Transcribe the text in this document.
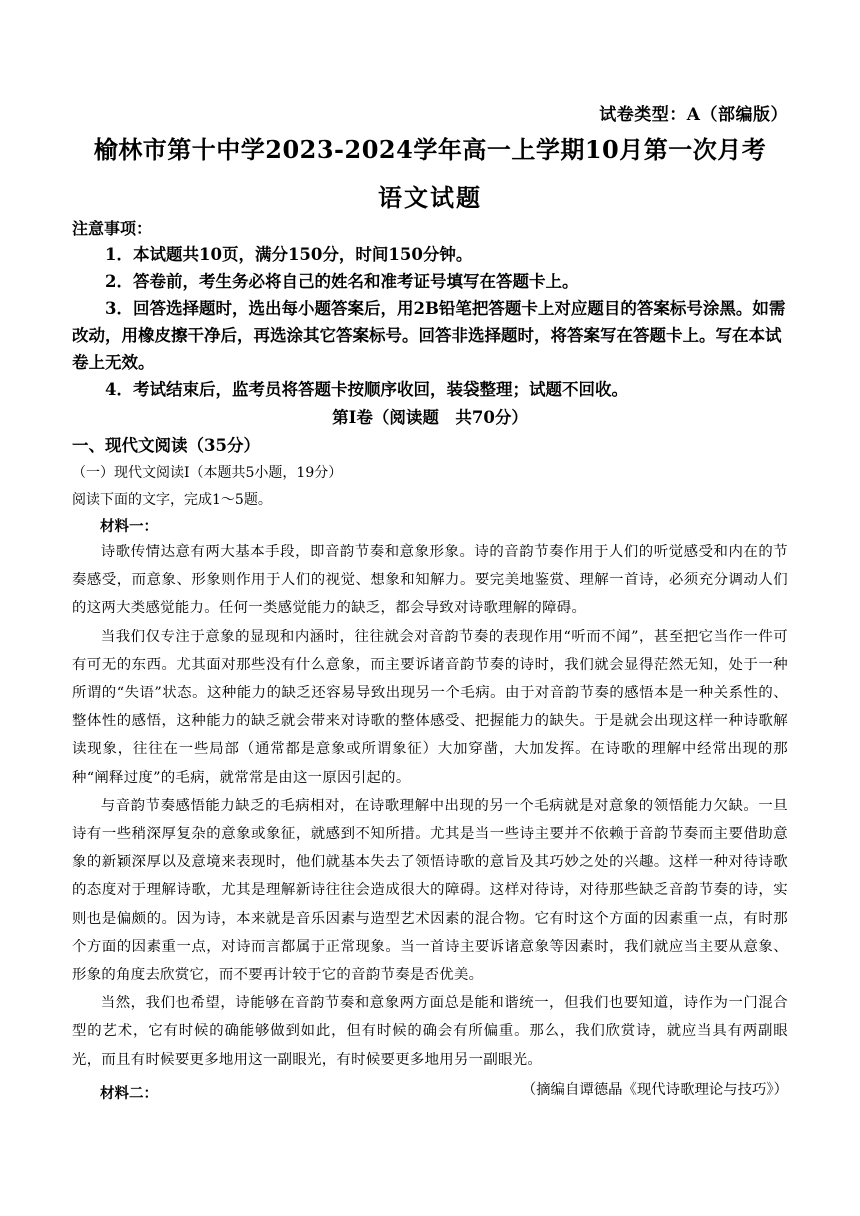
试卷类型：A（部编版）
榆林市第十中学2023-2024学年高一上学期10月第一次月考
语文试题
注意事项：
1．本试题共10页，满分150分，时间150分钟。
2．答卷前，考生务必将自己的姓名和准考证号填写在答题卡上。
3．回答选择题时，选出每小题答案后，用2B铅笔把答题卡上对应题目的答案标号涂黑。如需改动，用橡皮擦干净后，再选涂其它答案标号。回答非选择题时，将答案写在答题卡上。写在本试卷上无效。
4．考试结束后，监考员将答题卡按顺序收回，装袋整理；试题不回收。
第Ⅰ卷（阅读题　共70分）
一、现代文阅读（35分）
（一）现代文阅读Ⅰ（本题共5小题，19分）
阅读下面的文字，完成1～5题。
材料一：

诗歌传情达意有两大基本手段，即音韵节奏和意象形象。诗的音韵节奏作用于人们的听觉感受和内在的节奏感受，而意象、形象则作用于人们的视觉、想象和知解力。要完美地鉴赏、理解一首诗，必须充分调动人们的这两大类感觉能力。任何一类感觉能力的缺乏，都会导致对诗歌理解的障碍。

当我们仅专注于意象的显现和内涵时，往往就会对音韵节奏的表现作用“听而不闻”，甚至把它当作一件可有可无的东西。尤其面对那些没有什么意象，而主要诉诸音韵节奏的诗时，我们就会显得茫然无知，处于一种所谓的“失语”状态。这种能力的缺乏还容易导致出现另一个毛病。由于对音韵节奏的感悟本是一种关系性的、整体性的感悟，这种能力的缺乏就会带来对诗歌的整体感受、把握能力的缺失。于是就会出现这样一种诗歌解读现象，往往在一些局部（通常都是意象或所谓象征）大加穿凿，大加发挥。在诗歌的理解中经常出现的那种“阐释过度”的毛病，就常常是由这一原因引起的。

与音韵节奏感悟能力缺乏的毛病相对，在诗歌理解中出现的另一个毛病就是对意象的领悟能力欠缺。一旦诗有一些稍深厚复杂的意象或象征，就感到不知所措。尤其是当一些诗主要并不依赖于音韵节奏而主要借助意象的新颖深厚以及意境来表现时，他们就基本失去了领悟诗歌的意旨及其巧妙之处的兴趣。这样一种对待诗歌的态度对于理解诗歌，尤其是理解新诗往往会造成很大的障碍。这样对待诗，对待那些缺乏音韵节奏的诗，实则也是偏颇的。因为诗，本来就是音乐因素与造型艺术因素的混合物。它有时这个方面的因素重一点，有时那个方面的因素重一点，对诗而言都属于正常现象。当一首诗主要诉诸意象等因素时，我们就应当主要从意象、形象的角度去欣赏它，而不要再计较于它的音韵节奏是否优美。

当然，我们也希望，诗能够在音韵节奏和意象两方面总是能和谐统一，但我们也要知道，诗作为一门混合型的艺术，它有时候的确能够做到如此，但有时候的确会有所偏重。那么，我们欣赏诗，就应当具有两副眼光，而且有时候要更多地用这一副眼光，有时候要更多地用另一副眼光。

（摘编自谭德晶《现代诗歌理论与技巧》）
材料二：
